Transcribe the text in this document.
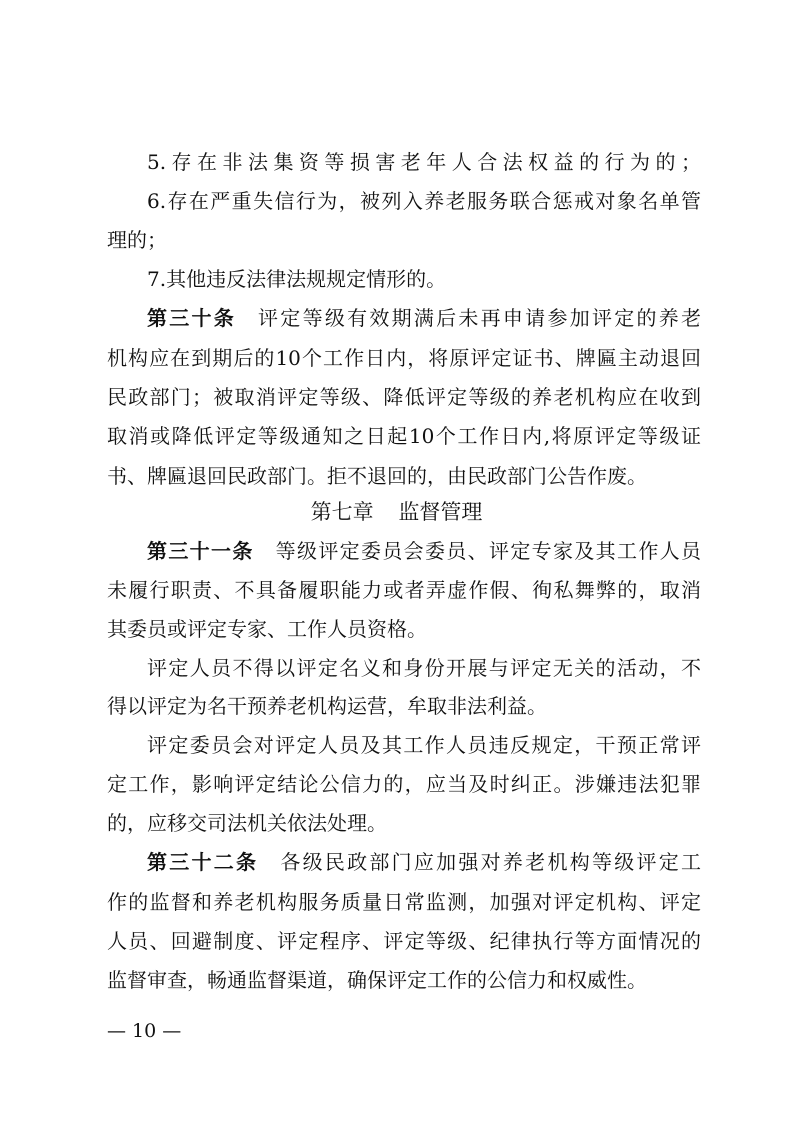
5.存在非法集资等损害老年人合法权益的行为的；
6.存在严重失信行为，被列入养老服务联合惩戒对象名单管
理的；
7.其他违反法律法规规定情形的。
第三十条 评定等级有效期满后未再申请参加评定的养老
机构应在到期后的10个工作日内，将原评定证书、牌匾主动退回
民政部门；被取消评定等级、降低评定等级的养老机构应在收到
取消或降低评定等级通知之日起10个工作日内,将原评定等级证
书、牌匾退回民政部门。拒不退回的，由民政部门公告作废。
第七章 监督管理
第三十一条 等级评定委员会委员、评定专家及其工作人员
未履行职责、不具备履职能力或者弄虚作假、徇私舞弊的，取消
其委员或评定专家、工作人员资格。
评定人员不得以评定名义和身份开展与评定无关的活动，不
得以评定为名干预养老机构运营，牟取非法利益。
评定委员会对评定人员及其工作人员违反规定，干预正常评
定工作，影响评定结论公信力的，应当及时纠正。涉嫌违法犯罪
的，应移交司法机关依法处理。
第三十二条 各级民政部门应加强对养老机构等级评定工
作的监督和养老机构服务质量日常监测，加强对评定机构、评定
人员、回避制度、评定程序、评定等级、纪律执行等方面情况的
监督审查，畅通监督渠道，确保评定工作的公信力和权威性。
— 10 —
